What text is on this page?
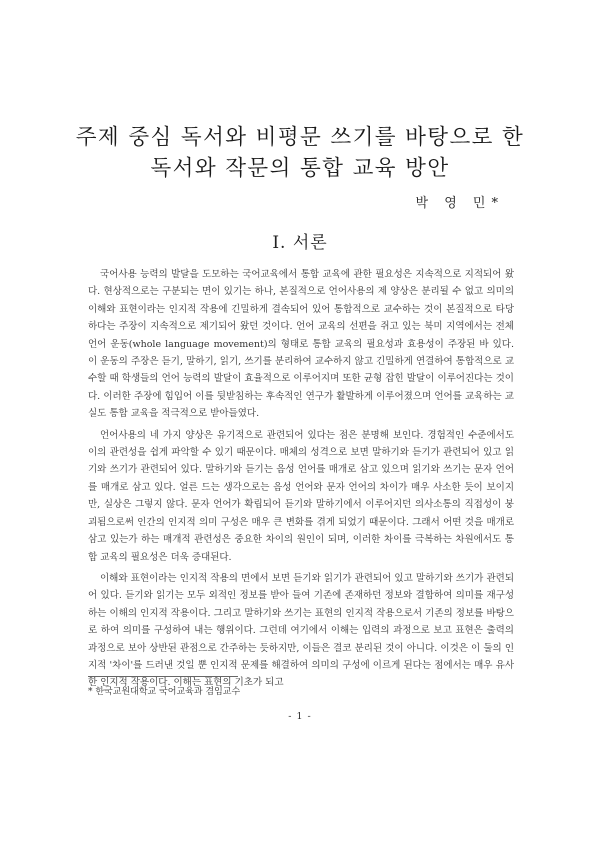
주제 중심 독서와 비평문 쓰기를 바탕으로 한
독서와 작문의 통합 교육 방안
박 영 민*
I. 서론

국어사용 능력의 발달을 도모하는 국어교육에서 통합 교육에 관한 필요성은 지속적으로 지적되어 왔다. 현상적으로는 구분되는 면이 있기는 하나, 본질적으로 언어사용의 제 양상은 분리될 수 없고 의미의 이해와 표현이라는 인지적 작용에 긴밀하게 결속되어 있어 통합적으로 교수하는 것이 본질적으로 타당하다는 주장이 지속적으로 제기되어 왔던 것이다. 언어 교육의 선편을 쥐고 있는 북미 지역에서는 전체 언어 운동(whole language movement)의 형태로 통합 교육의 필요성과 효용성이 주장된 바 있다. 이 운동의 주장은 듣기, 말하기, 읽기, 쓰기를 분리하여 교수하지 않고 긴밀하게 연결하여 통합적으로 교수할 때 학생들의 언어 능력의 발달이 효율적으로 이루어지며 또한 균형 잡힌 발달이 이루어진다는 것이다. 이러한 주장에 힘입어 이를 뒷받침하는 후속적인 연구가 활발하게 이루어졌으며 언어를 교육하는 교실도 통합 교육을 적극적으로 받아들였다.

언어사용의 네 가지 양상은 유기적으로 관련되어 있다는 점은 분명해 보인다. 경험적인 수준에서도 이의 관련성을 쉽게 파악할 수 있기 때문이다. 매체의 성격으로 보면 말하기와 듣기가 관련되어 있고 읽기와 쓰기가 관련되어 있다. 말하기와 듣기는 음성 언어를 매개로 삼고 있으며 읽기와 쓰기는 문자 언어를 매개로 삼고 있다. 얼른 드는 생각으로는 음성 언어와 문자 언어의 차이가 매우 사소한 듯이 보이지만, 실상은 그렇지 않다. 문자 언어가 확립되어 듣기와 말하기에서 이루어지던 의사소통의 직접성이 붕괴됨으로써 인간의 인지적 의미 구성은 매우 큰 변화를 겪게 되었기 때문이다. 그래서 어떤 것을 매개로 삼고 있는가 하는 매개적 관련성은 중요한 차이의 원인이 되며, 이러한 차이를 극복하는 차원에서도 통합 교육의 필요성은 더욱 증대된다.

이해와 표현이라는 인지적 작용의 면에서 보면 듣기와 읽기가 관련되어 있고 말하기와 쓰기가 관련되어 있다. 듣기와 읽기는 모두 외적인 정보를 받아 들여 기존에 존재하던 정보와 결합하여 의미를 재구성하는 이해의 인지적 작용이다. 그리고 말하기와 쓰기는 표현의 인지적 작용으로서 기존의 정보를 바탕으로 하여 의미를 구성하여 내는 행위이다. 그런데 여기에서 이해는 입력의 과정으로 보고 표현은 출력의 과정으로 보아 상반된 관점으로 간주하는 듯하지만, 이들은 결코 분리된 것이 아니다. 이것은 이 둘의 인지적 '차이'를 드러낸 것일 뿐 인지적 문제를 해결하여 의미의 구성에 이르게 된다는 점에서는 매우 유사한 인지적 작용이다. 이해는 표현의 기초가 되고

* 한국교원대학교 국어교육과 겸임교수
- 1 -
